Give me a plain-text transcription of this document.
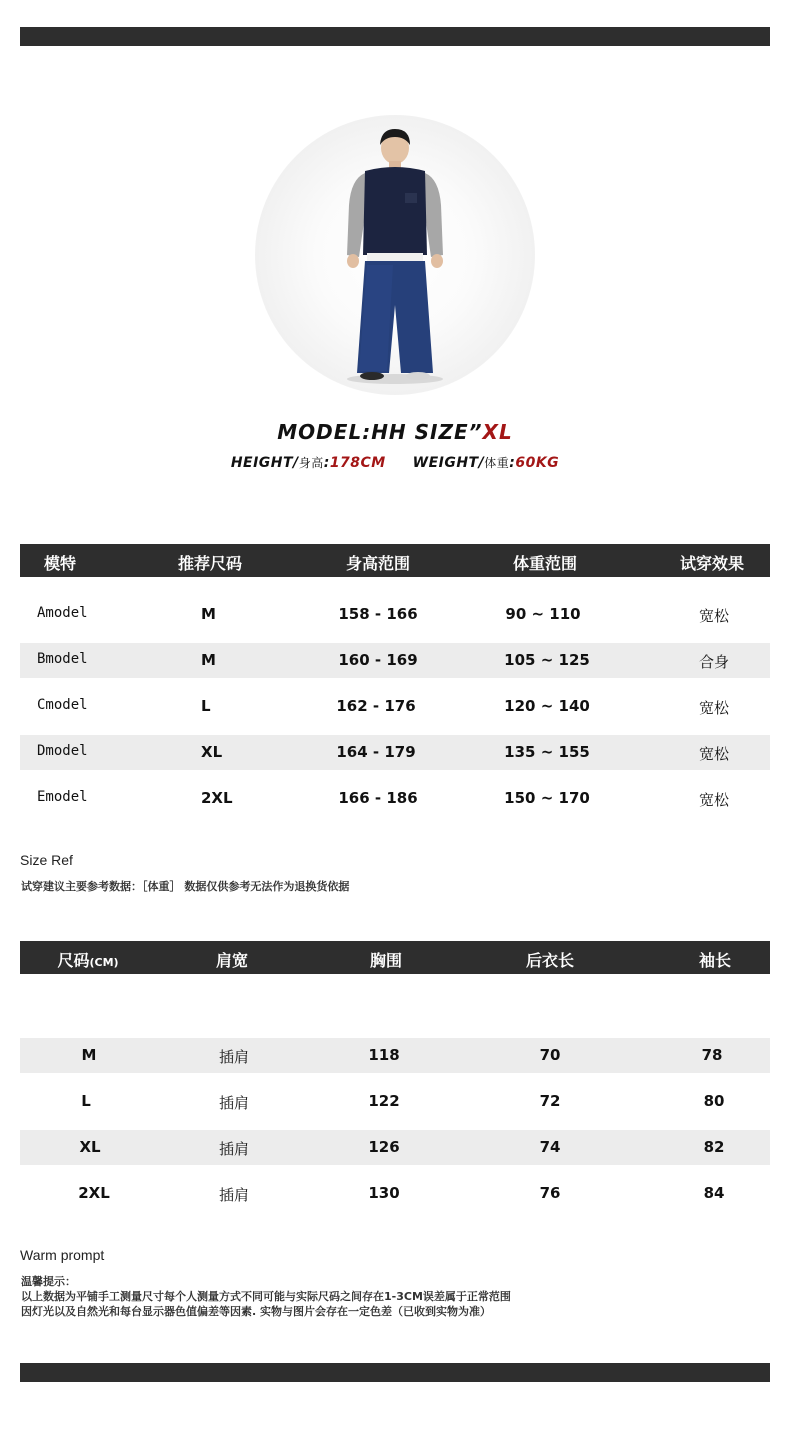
MODEL:HH SIZE”XL
HEIGHT/身高:178CM WEIGHT/体重:60KG
模特	推荐尺码	身高范围	体重范围	试穿效果
Amodel	M	158 - 166	90 ~ 110	宽松
Bmodel	M	160 - 169	105 ~ 125	合身
Cmodel	L	162 - 176	120 ~ 140	宽松
Dmodel	XL	164 - 179	135 ~ 155	宽松
Emodel	2XL	166 - 186	150 ~ 170	宽松
Size Ref
试穿建议主要参考数据：［体重］ 数据仅供参考无法作为退换货依据
尺码(CM)	肩宽	胸围	后衣长	袖长
M	插肩	118	70	78
L	插肩	122	72	80
XL	插肩	126	74	82
2XL	插肩	130	76	84
Warm prompt
温馨提示：
以上数据为平铺手工测量尺寸每个人测量方式不同可能与实际尺码之间存在1-3CM误差属于正常范围
因灯光以及自然光和每台显示器色值偏差等因素. 实物与图片会存在一定色差（已收到实物为准）
